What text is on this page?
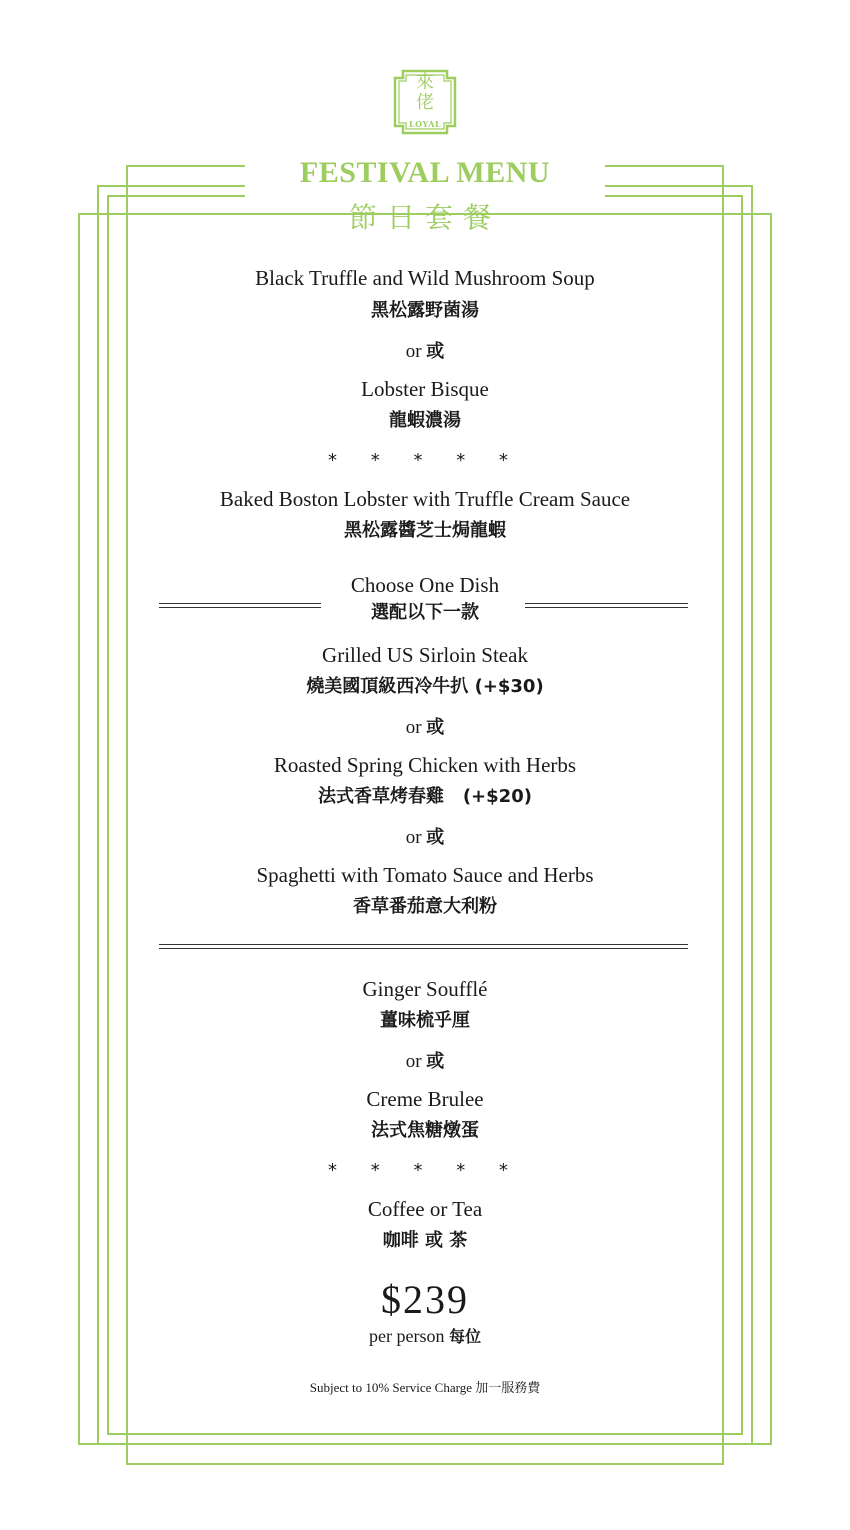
來
佬
LOYAL
FESTIVAL MENU
節日套餐
Black Truffle and Wild Mushroom Soup
黑松露野菌湯
or 或
Lobster Bisque
龍蝦濃湯
* * * * *
Baked Boston Lobster with Truffle Cream Sauce
黑松露醬芝士焗龍蝦
Choose One Dish
選配以下一款
Grilled US Sirloin Steak
燒美國頂級西冷牛扒 (+$30)
or 或
Roasted Spring Chicken with Herbs
法式香草烤春雞   (+$20)
or 或
Spaghetti with Tomato Sauce and Herbs
香草番茄意大利粉
Ginger Soufflé
薑味梳乎厘
or 或
Creme Brulee
法式焦糖燉蛋
* * * * *
Coffee or Tea
咖啡 或 茶
$239
per person 每位
Subject to 10% Service Charge 加一服務費
